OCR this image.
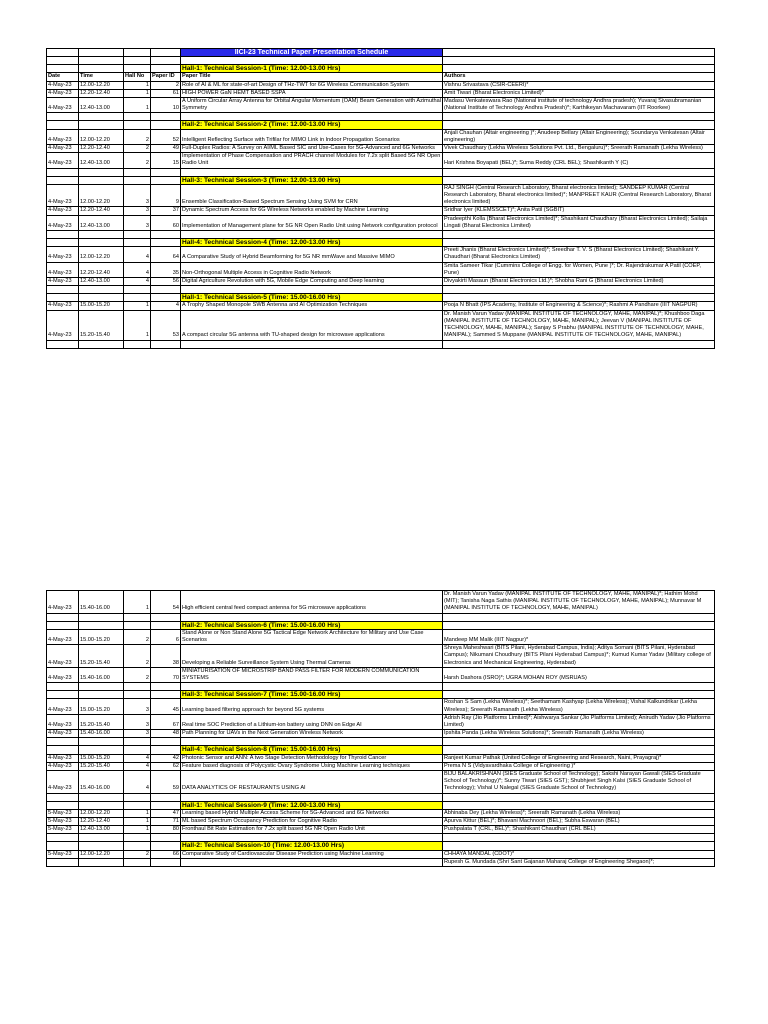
				IICI-23 Technical Paper Presentation Schedule	

				Hall-1: Technical Session-1 (Time: 12.00-13.00 Hrs)	
Date	Time	Hall No	Paper ID	Paper Title	Authors
4-May-23	12.00-12.20	1	2	Role of AI & ML for state-of-art Design of THz-TWT for 6G Wireless Communication System	Vishnu Srivastava (CSIR-CEERI)*
4-May-23	12.20-12.40	1	61	HIGH POWER GaN HEMT BASED SSPA	Amit Tiwari (Bharat Electronics Limited)*
4-May-23	12.40-13.00	1	10	A Uniform Circular Array Antenna for Orbital Angular Momentum (OAM) Beam Generation with Azimuthal Symmetry	Madasu Venkateswara Rao (National institute of technology Andhra pradesh); Yuvaraj Sivasubramanian (National Institute of Technology Andhra Pradesh)*; Karthikeyan Machavaram (IIT Roorkee)

				Hall-2: Technical Session-2 (Time: 12.00-13.00 Hrs)	
4-May-23	12.00-12.20	2	52	Intelligent Reflecting Surface with Trifilar for MIMO Link in Indoor Propagation Scenarios	Anjali Chauhan (Altair engineering )*; Anudeep Bellary (Altair Engineering); Soundarya Venkatesan (Altair engineering)
4-May-23	12.20-12.40	2	49	Full-Duplex Radios: A Survey on AI/ML Based SIC and Use-Cases for 5G-Advanced and 6G Networks	Vivek Chaudhary (Lekha Wireless Solutions Pvt. Ltd., Bengaluru)*; Sreerath Ramanath (Lekha Wireless)
4-May-23	12.40-13.00	2	15	Implementation of Phase Compensation and PRACH channel Modules for 7.2x split Based 5G NR Open Radio Unit	Hari Krishna Boyapati (BEL)*; Suma Reddy (CRL BEL); Shashikanth Y (C)

				Hall-3: Technical Session-3 (Time: 12.00-13.00 Hrs)	
4-May-23	12.00-12.20	3	9	Ensemble Classification-Based Spectrum Sensing Using SVM for CRN	RAJ SINGH (Central Research Laboratory, Bharat electronics limited); SANDEEP KUMAR (Central Research Laboratory, Bharat electronics limited)*; MANPREET KAUR (Central Research Laboratory, Bharat electronics limited)
4-May-23	12.20-12.40	3	37	Dynamic Spectrum Access for 6G Wireless Networks enabled by Machine Learning	Sridhar Iyer (KLEMSSCET)*; Anita Patil (SGBIT)
4-May-23	12.40-13.00	3	60	Implementation of Management plane for 5G NR Open Radio Unit using Network configuration protocol	Pradeepthi Kolla (Bharat Electronics Limited)*; Shashikant Chaudhary (Bharat Electronics Limited); Sailaja Lingati (Bharat Electronics Limited)

				Hall-4: Technical Session-4 (Time: 12.00-13.00 Hrs)	
4-May-23	12.00-12.20	4	64	A Comparative Study of Hybrid Beamforming for 5G NR mmWave and Massive MIMO	Preeti Jhanis (Bharat Electronics Limited)*; Sreedhar T. V. S (Bharat Electronics Limited); Shashikant Y. Chaudhari (Bharat Electronics Limited)
4-May-23	12.20-12.40	4	35	Non-Orthogonal Multiple Access in Cognitive Radio Network	Smita Sameer Tikar (Cummins College of Engg. for Women, Pune )*; Dr. Rajendrakumar A Patil (COEP, Pune)
4-May-23	12.40-13.00	4	56	Digital Agriculture Revolution with 5G, Mobile Edge Computing and Deep learning	Divyakirti Masaun (Bharat Electronics Ltd.)*; Shobha Rani G (Bharat Electronics Limited)

				Hall-1: Technical Session-5 (Time: 15.00-16.00 Hrs)	
4-May-23	15.00-15.20	1	4	A Trophy Shaped Monopole SWB Antenna and AI Optimization Techniques	Pooja N Bhatt (IPS Academy, Institute of Engineering & Science)*; Rashmi A Pandhare (IIIT NAGPUR)
4-May-23	15.20-15.40	1	53	A compact circular 5G antenna with TU-shaped design for microwave applications	Dr. Manish Varun Yadav (MANIPAL INSTITUTE OF TECHNOLOGY, MAHE, MANIPAL)*; Khushboo Daga (MANIPAL INSTITUTE OF TECHNOLOGY, MAHE, MANIPAL); Jeevan V (MANIPAL INSTITUTE OF TECHNOLOGY, MAHE, MANIPAL); Sanjay S Prabhu (MANIPAL INSTITUTE OF TECHNOLOGY, MAHE, MANIPAL); Sammed S Muppane (MANIPAL INSTITUTE OF TECHNOLOGY, MAHE, MANIPAL)

4-May-23	15.40-16.00	1	54	High efficient central feed compact antenna for 5G microwave applications	Dr. Manish Varun Yadav (MANIPAL INSTITUTE OF TECHNOLOGY, MAHE, MANIPAL)*; Hathim Mohd (MIT); Tanisha Naga Sathis (MANIPAL INSTITUTE OF TECHNOLOGY, MAHE, MANIPAL); Munnavar M (MANIPAL INSTITUTE OF TECHNOLOGY, MAHE, MANIPAL)

				Hall-2: Technical Session-6 (Time: 15.00-16.00 Hrs)	
4-May-23	15.00-15.20	2	6	Stand Alone or Non Stand Alone 5G Tactical Edge Network Architecture for Military and Use Case Scenarios	Mandeep MM Malik (IIIT Nagpur)*
4-May-23	15.20-15.40	2	38	Developing a Reliable Surveillance System Using Thermal Cameras	Shreya Maheshwari (BITS Pilani, Hyderabad Campus, India); Aditya Somani (BITS Pilani, Hyderabad Campus); Nikumani Choudhury (BITS Pilani Hyderabad Campus)*; Kumud Kumar Yadav (Military college of Electronics and Mechanical Engineering, Hyderabad)
4-May-23	15.40-16.00	2	70	MINIATURISATION OF MICROSTRIP BAND PASS FILTER FOR MODERN COMMUNICATION SYSTEMS	Harsh Dashora (ISRO)*; UGRA MOHAN ROY (MSRUAS)

				Hall-3: Technical Session-7 (Time: 15.00-16.00 Hrs)	
4-May-23	15.00-15.20	3	45	Learning based filtering approach for beyond 5G systems	Roshan S Sam (Lekha Wireless)*; Seethamam Kashyap (Lekha Wireless); Vishal Kalkundrikar (Lekha Wireless); Sreerath Ramanath (Lekha Wireless)
4-May-23	15.20-15.40	3	67	Real time SOC Prediction of a Lithium-ion battery using DNN on Edge AI	Adrish Ray (Jio Platforms Limited)*; Aishwarya Sankar (Jio Platforms Limited); Anirudh Yadav (Jio Platforms Limited)
4-May-23	15.40-16.00	3	48	Path Planning for UAVs in the Next Generation Wireless Network	Ipshita Panda (Lekha Wireless Solutions)*; Sreerath Ramanath (Lekha Wireless)

				Hall-4: Technical Session-8 (Time: 15.00-16.00 Hrs)	
4-May-23	15.00-15.20	4	42	Photonic Sensor and ANN: A two Stage Detection Methodology for Thyroid Cancer	Ranjeet Kumar Pathak (United College of Engineering and Research, Naini, Prayagraj)*
4-May-23	15.20-15.40	4	62	Feature based diagnosis of Polycystic Ovary Syndrome Using Machine Learning techniques	Prema N S (Vidyavardhaka College of Engineering )*
4-May-23	15.40-16.00	4	59	DATA ANALYTICS OF RESTAURANTS USING AI	BIJU BALAKRISHNAN (SIES Graduate School of Technology); Sakshi Narayan Gawali (SIES Graduate School of Technology)*; Sunny Tiwari (SIES GST); Shubhjeet Singh Kalsi (SIES Graduate School of Technology); Vishal U Nalegal (SIES Graduate School of Technology)

				Hall-1: Technical Session-9 (Time: 12.00-13.00 Hrs)	
5-May-23	12.00-12.20	1	47	Learning based Hybrid Multiple Access Scheme for 5G-Advanced and 6G Networks	Abhinaba Dey (Lekha Wireless)*; Sreerath Ramanath (Lekha Wireless)
5-May-23	12.20-12.40	1	71	ML based Spectrum Occupancy Prediction for Cognitive Radio	Apurva Kittur (BEL)*; Bhavani Machnoori (BEL); Subha Eswaran (BEL)
5-May-23	12.40-13.00	1	80	Fronthaul Bit Rate Estimation for 7.2x split based 5G NR Open Radio Unit	Pushpalata T (CRL, BEL)*; Shashikant Chaudhari (CRL BEL)

				Hall-2: Technical Session-10 (Time: 12.00-13.00 Hrs)	
5-May-23	12.00-12.20	2	66	Comparative Study of Cardiovascular Disease Prediction using Machine Learning	CHHAYA MANDAL (CDOT)*
					Rupesh G. Mundada (Shri Sant Gajanan Maharaj College of Engineering Shegaon)*;
